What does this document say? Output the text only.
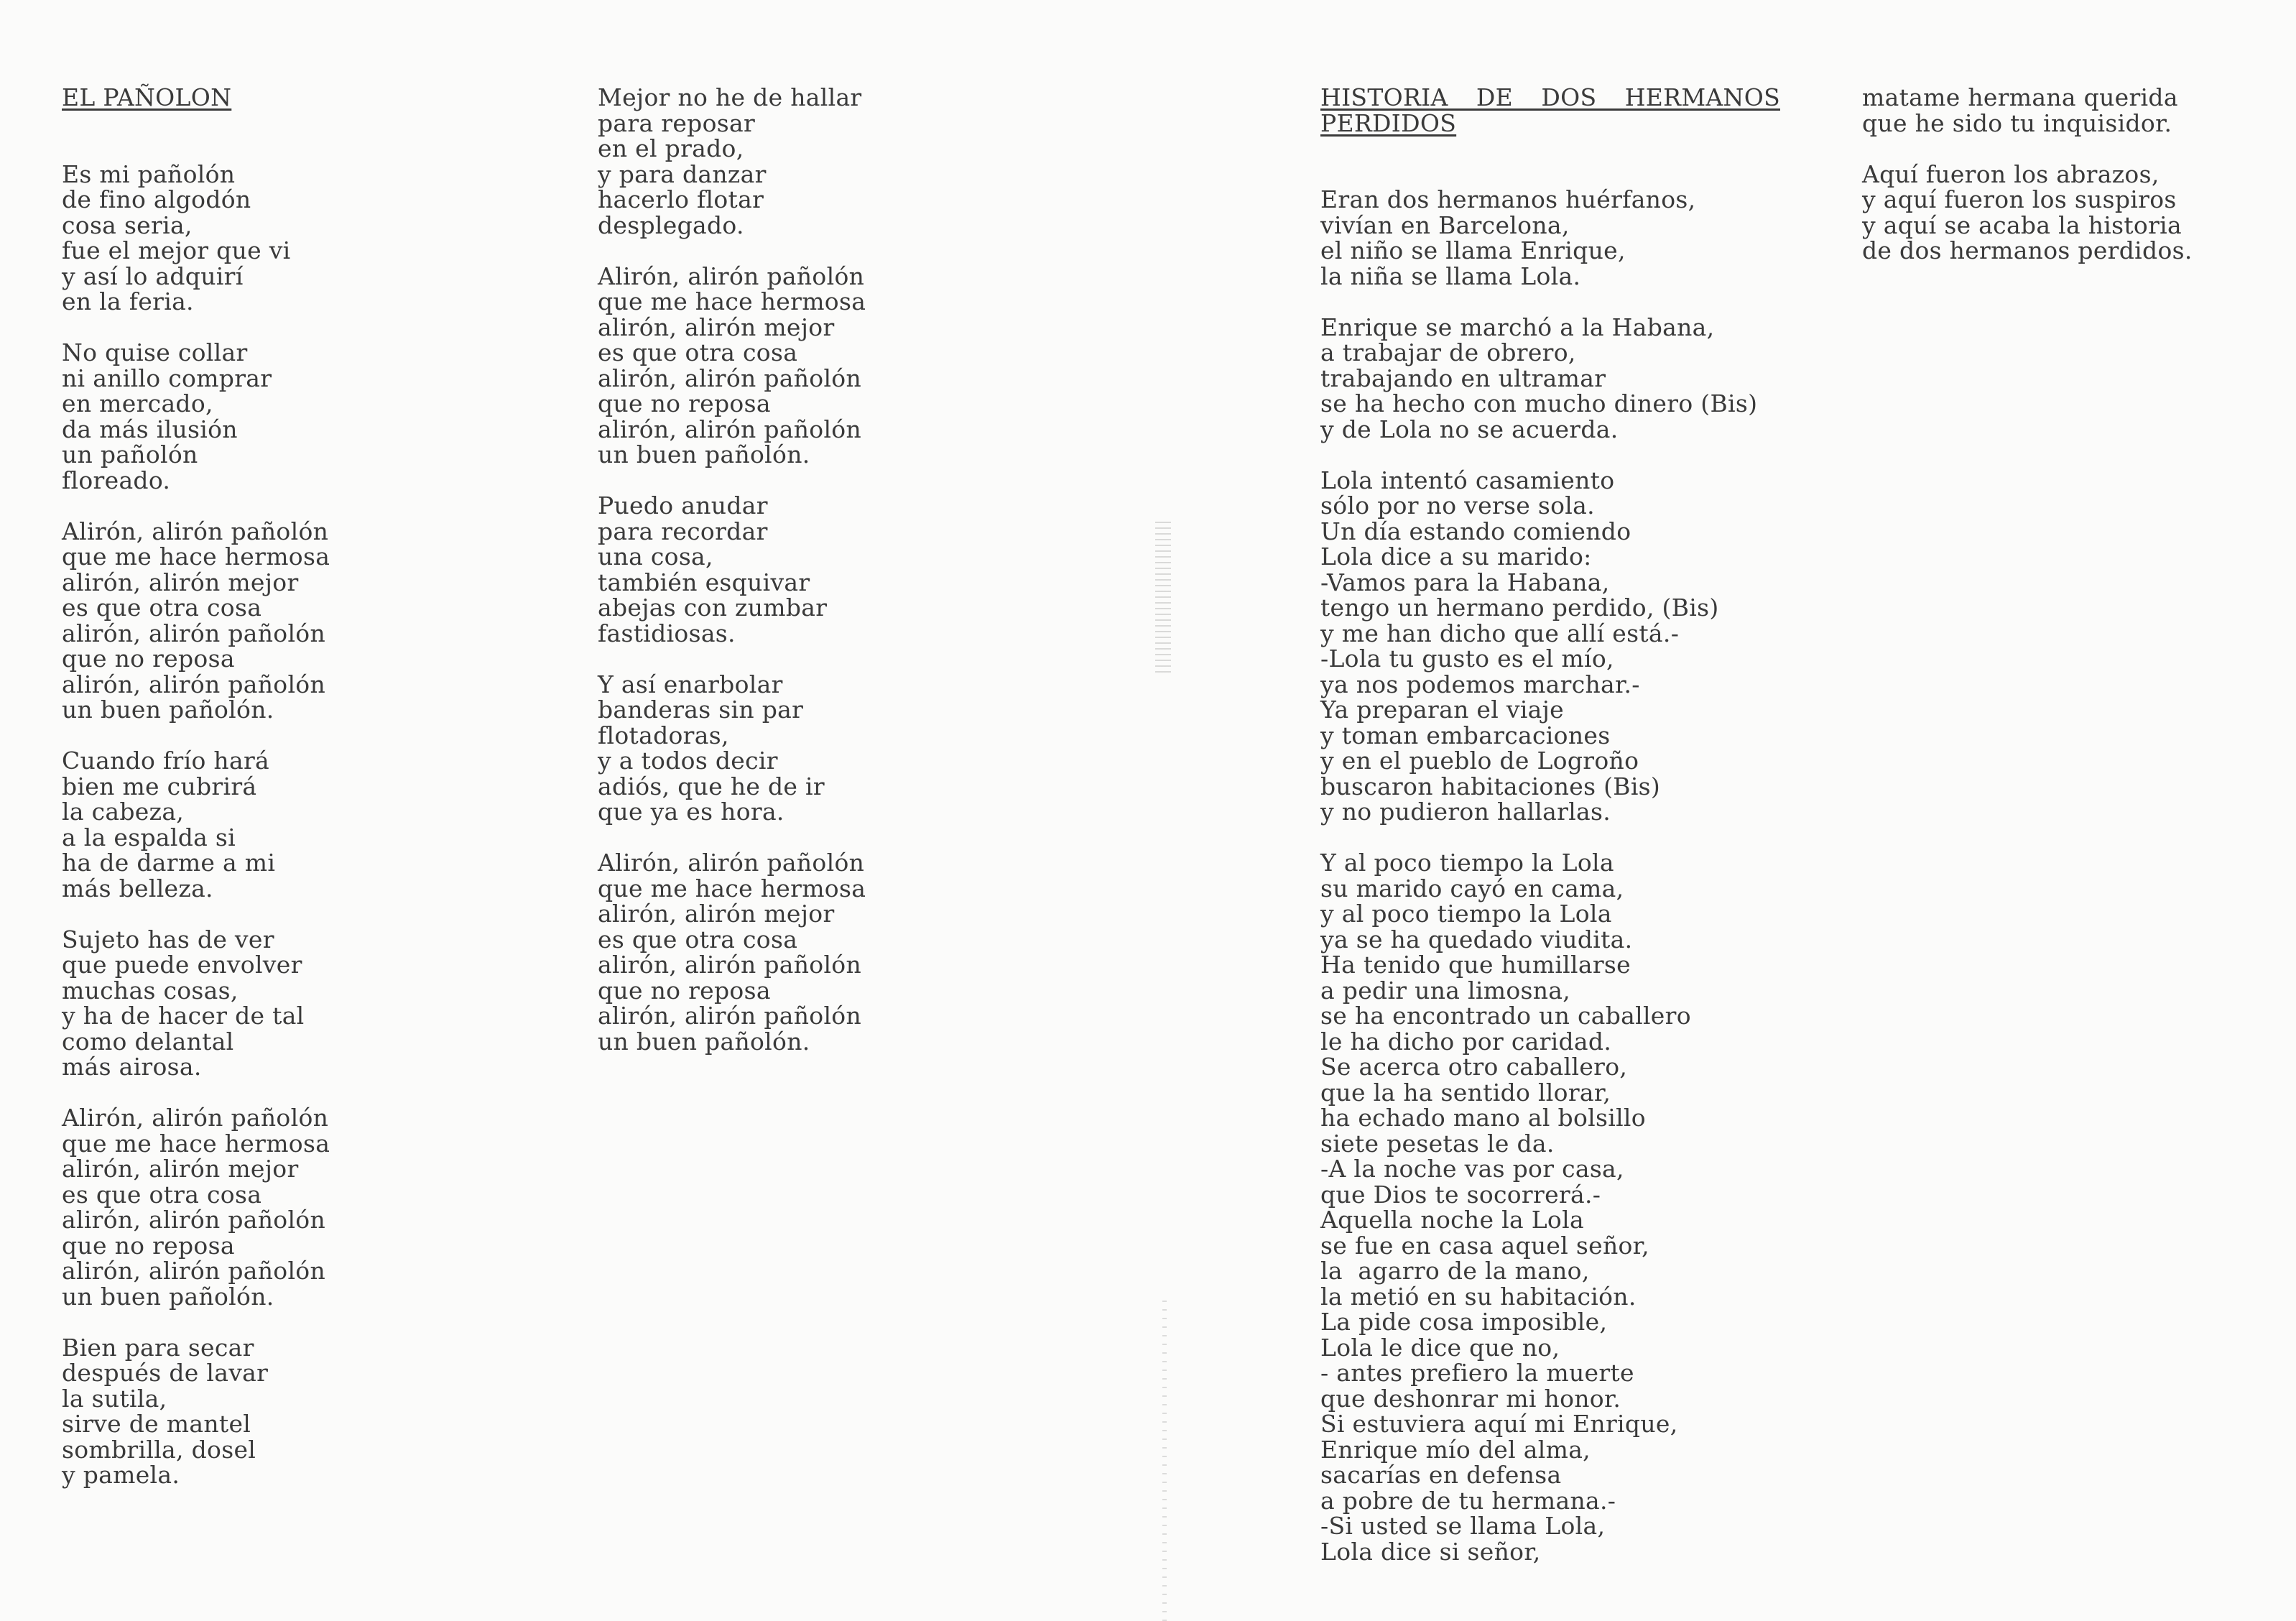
EL PAÑOLON
Es mi pañolón
de fino algodón
cosa seria,
fue el mejor que vi
y así lo adquirí
en la feria.
No quise collar
ni anillo comprar
en mercado,
da más ilusión
un pañolón
floreado.
Alirón, alirón pañolón
que me hace hermosa
alirón, alirón mejor
es que otra cosa
alirón, alirón pañolón
que no reposa
alirón, alirón pañolón
un buen pañolón.
Cuando frío hará
bien me cubrirá
la cabeza,
a la espalda si
ha de darme a mi
más belleza.
Sujeto has de ver
que puede envolver
muchas cosas,
y ha de hacer de tal
como delantal
más airosa.
Alirón, alirón pañolón
que me hace hermosa
alirón, alirón mejor
es que otra cosa
alirón, alirón pañolón
que no reposa
alirón, alirón pañolón
un buen pañolón.
Bien para secar
después de lavar
la sutila,
sirve de mantel
sombrilla, dosel
y pamela.
Mejor no he de hallar
para reposar
en el prado,
y para danzar
hacerlo flotar
desplegado.
Alirón, alirón pañolón
que me hace hermosa
alirón, alirón mejor
es que otra cosa
alirón, alirón pañolón
que no reposa
alirón, alirón pañolón
un buen pañolón.
Puedo anudar
para recordar
una cosa,
también esquivar
abejas con zumbar
fastidiosas.
Y así enarbolar
banderas sin par
flotadoras,
y a todos decir
adiós, que he de ir
que ya es hora.
Alirón, alirón pañolón
que me hace hermosa
alirón, alirón mejor
es que otra cosa
alirón, alirón pañolón
que no reposa
alirón, alirón pañolón
un buen pañolón.
HISTORIA DE DOS HERMANOS PERDIDOS
Eran dos hermanos huérfanos,
vivían en Barcelona,
el niño se llama Enrique,
la niña se llama Lola.
Enrique se marchó a la Habana,
a trabajar de obrero,
trabajando en ultramar
se ha hecho con mucho dinero (Bis)
y de Lola no se acuerda.
Lola intentó casamiento
sólo por no verse sola.
Un día estando comiendo
Lola dice a su marido:
-Vamos para la Habana,
tengo un hermano perdido, (Bis)
y me han dicho que allí está.-
-Lola tu gusto es el mío,
ya nos podemos marchar.-
Ya preparan el viaje
y toman embarcaciones
y en el pueblo de Logroño
buscaron habitaciones (Bis)
y no pudieron hallarlas.
Y al poco tiempo la Lola
su marido cayó en cama,
y al poco tiempo la Lola
ya se ha quedado viudita.
Ha tenido que humillarse
a pedir una limosna,
se ha encontrado un caballero
le ha dicho por caridad.
Se acerca otro caballero,
que la ha sentido llorar,
ha echado mano al bolsillo
siete pesetas le da.
-A la noche vas por casa,
que Dios te socorrerá.-
Aquella noche la Lola
se fue en casa aquel señor,
la  agarro de la mano,
la metió en su habitación.
La pide cosa imposible,
Lola le dice que no,
- antes prefiero la muerte
que deshonrar mi honor.
Si estuviera aquí mi Enrique,
Enrique mío del alma,
sacarías en defensa
a pobre de tu hermana.-
-Si usted se llama Lola,
Lola dice si señor,
matame hermana querida
que he sido tu inquisidor.
Aquí fueron los abrazos,
y aquí fueron los suspiros
y aquí se acaba la historia
de dos hermanos perdidos.
